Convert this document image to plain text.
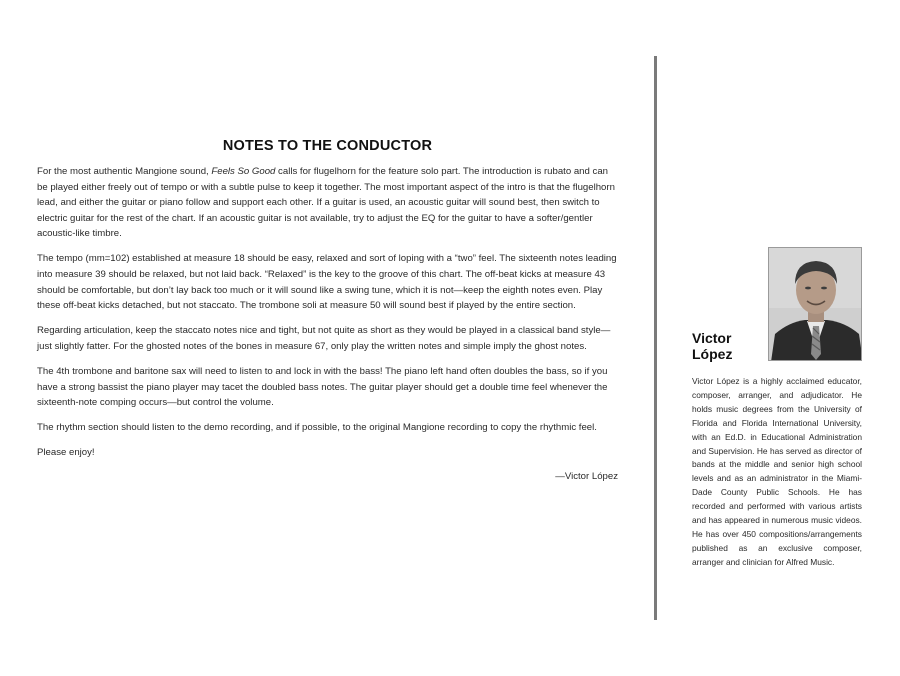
NOTES TO THE CONDUCTOR

For the most authentic Mangione sound, Feels So Good calls for flugelhorn for the feature solo part. The introduction is rubato and can be played either freely out of tempo or with a subtle pulse to keep it together. The most important aspect of the intro is that the flugelhorn lead, and either the guitar or piano follow and support each other. If a guitar is used, an acoustic guitar will sound best, then switch to electric guitar for the rest of the chart. If an acoustic guitar is not available, try to adjust the EQ for the guitar to have a softer/gentler acoustic-like timbre.

The tempo (mm=102) established at measure 18 should be easy, relaxed and sort of loping with a “two” feel. The sixteenth notes leading into measure 39 should be relaxed, but not laid back. “Relaxed” is the key to the groove of this chart. The off-beat kicks at measure 43 should be comfortable, but don’t lay back too much or it will sound like a swing tune, which it is not—keep the eighth notes even. Play these off-beat kicks detached, but not staccato. The trombone soli at measure 50 will sound best if played by the entire section.

Regarding articulation, keep the staccato notes nice and tight, but not quite as short as they would be played in a classical band style—just slightly fatter. For the ghosted notes of the bones in measure 67, only play the written notes and simple imply the ghost notes.

The 4th trombone and baritone sax will need to listen to and lock in with the bass! The piano left hand often doubles the bass, so if you have a strong bassist the piano player may tacet the doubled bass notes. The guitar player should get a double time feel whenever the sixteenth-note comping occurs—but control the volume.

The rhythm section should listen to the demo recording, and if possible, to the original Mangione recording to copy the rhythmic feel.

Please enjoy!

—Victor López
Victor
López
Victor López is a highly acclaimed educator, composer, arranger, and adjudicator. He holds music degrees from the University of Florida and Florida International University, with an Ed.D. in Educational Administration and Supervision. He has served as director of bands at the middle and senior high school levels and as an administrator in the Miami-Dade County Public Schools. He has recorded and performed with various artists and has appeared in numerous music videos. He has over 450 compositions/arrangements published as an exclusive composer, arranger and clinician for Alfred Music.
